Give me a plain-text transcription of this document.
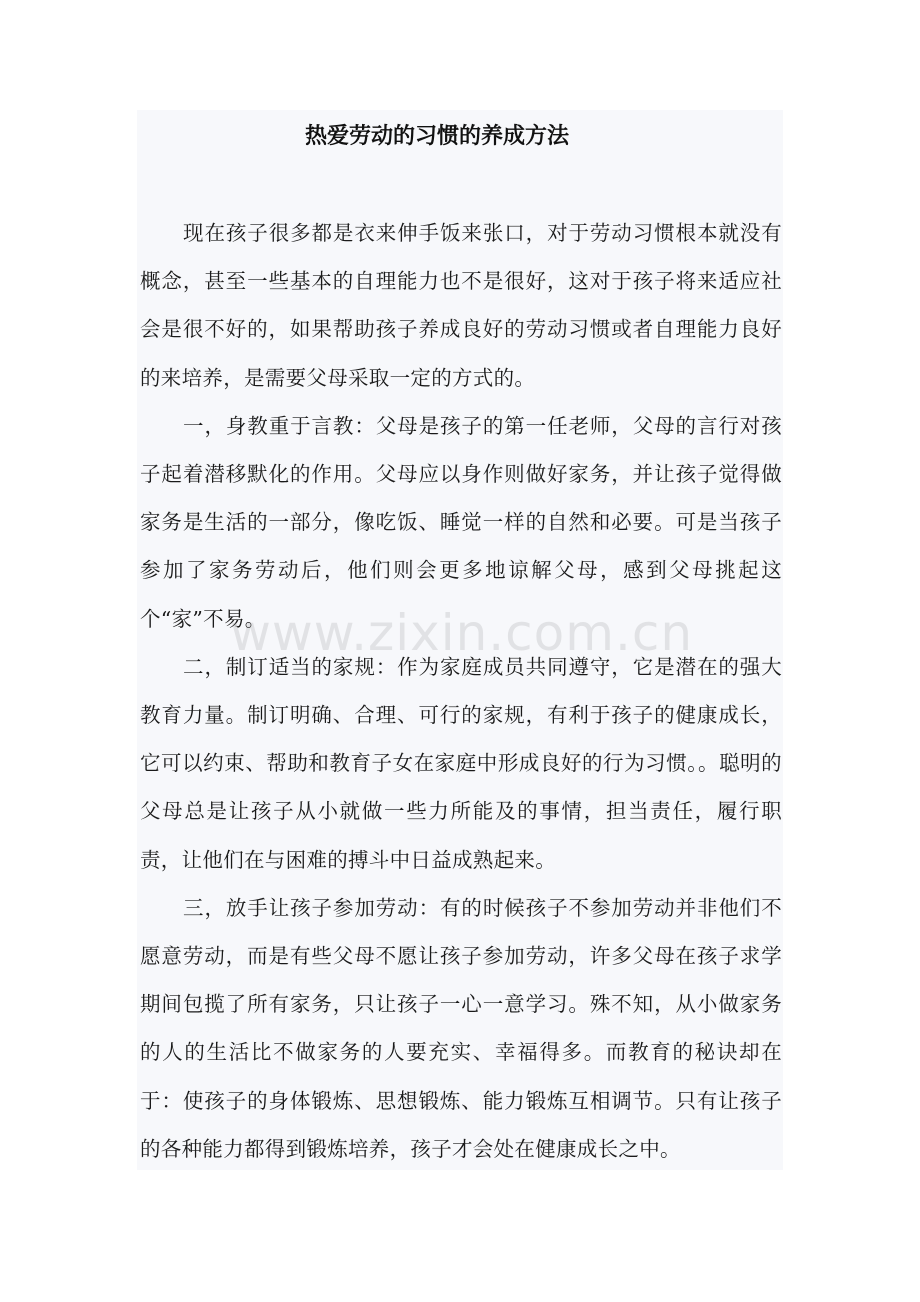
热爱劳动的习惯的养成方法

现在孩子很多都是衣来伸手饭来张口，对于劳动习惯根本就没有概念，甚至一些基本的自理能力也不是很好，这对于孩子将来适应社会是很不好的，如果帮助孩子养成良好的劳动习惯或者自理能力良好的来培养，是需要父母采取一定的方式的。

一，身教重于言教：父母是孩子的第一任老师，父母的言行对孩子起着潜移默化的作用。父母应以身作则做好家务，并让孩子觉得做家务是生活的一部分，像吃饭、睡觉一样的自然和必要。可是当孩子参加了家务劳动后，他们则会更多地谅解父母，感到父母挑起这个“家”不易。

二，制订适当的家规：作为家庭成员共同遵守，它是潜在的强大教育力量。制订明确、合理、可行的家规，有利于孩子的健康成长，它可以约束、帮助和教育子女在家庭中形成良好的行为习惯。。聪明的父母总是让孩子从小就做一些力所能及的事情，担当责任，履行职责，让他们在与困难的搏斗中日益成熟起来。

三，放手让孩子参加劳动：有的时候孩子不参加劳动并非他们不愿意劳动，而是有些父母不愿让孩子参加劳动，许多父母在孩子求学期间包揽了所有家务，只让孩子一心一意学习。殊不知，从小做家务的人的生活比不做家务的人要充实、幸福得多。而教育的秘诀却在于：使孩子的身体锻炼、思想锻炼、能力锻炼互相调节。只有让孩子的各种能力都得到锻炼培养，孩子才会处在健康成长之中。

www.zixin.com.cn
